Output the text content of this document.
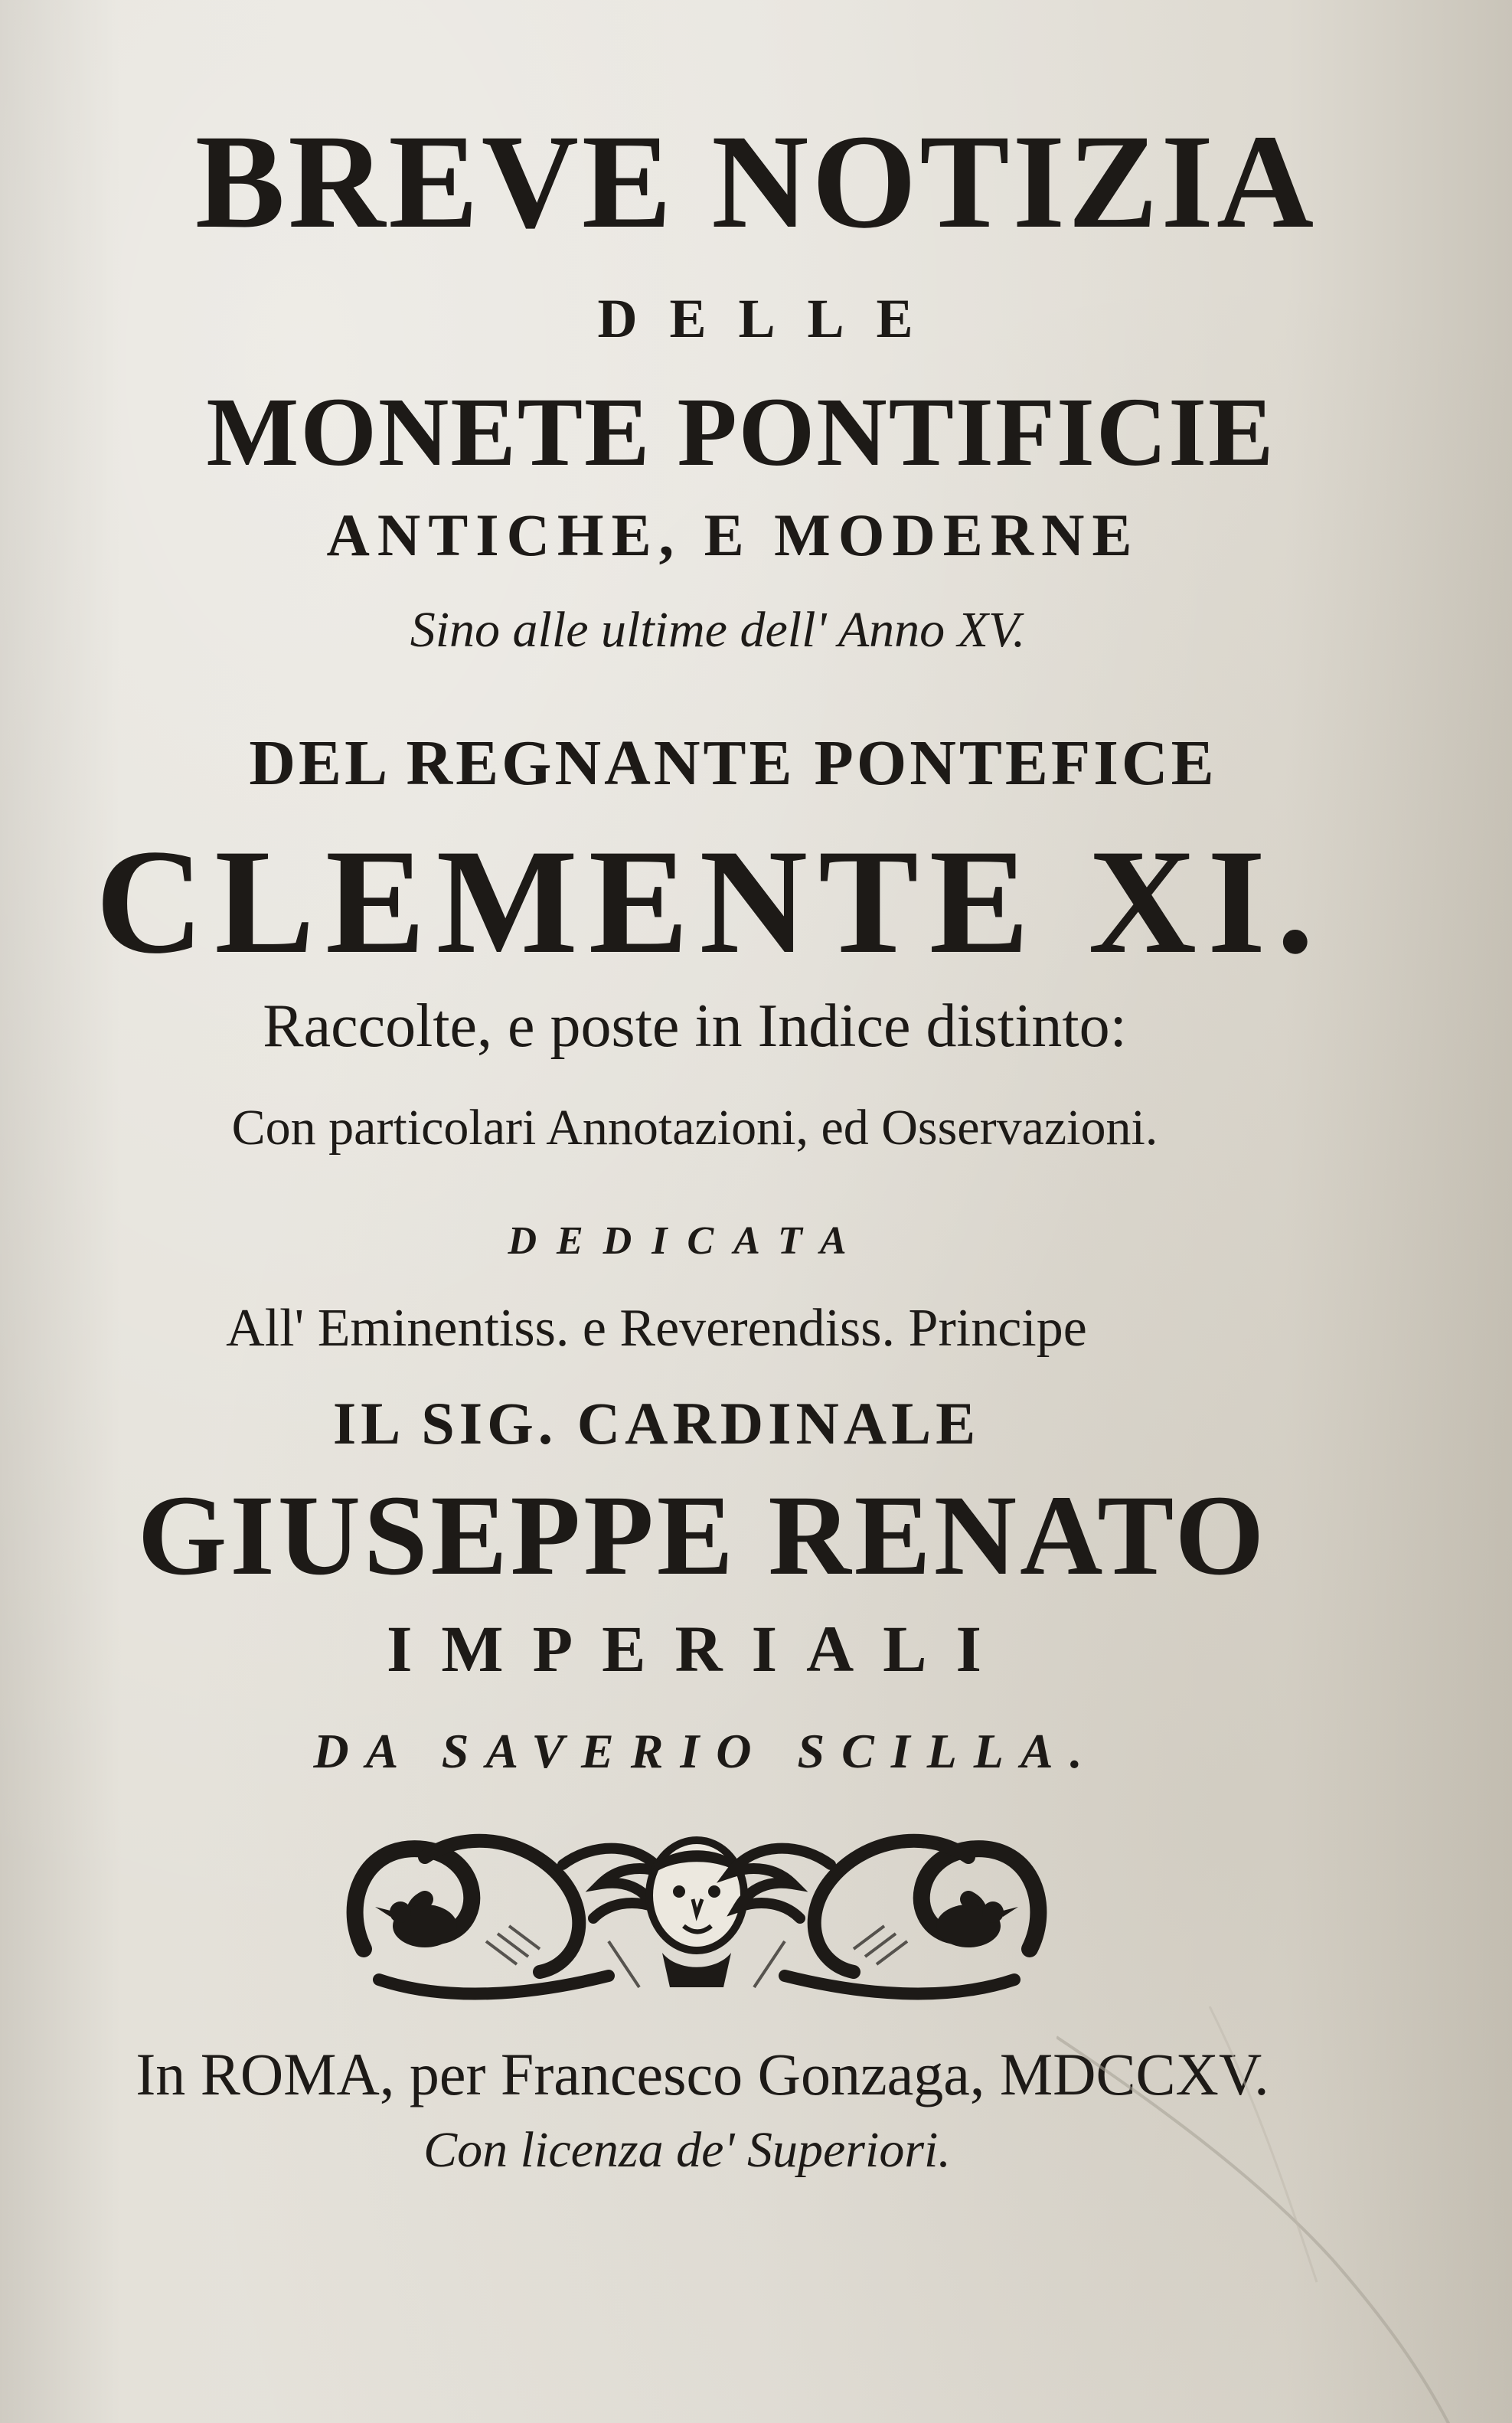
BREVE NOTIZIA
DELLE
MONETE PONTIFICIE
ANTICHE, E MODERNE
Sino alle ultime dell' Anno XV.
DEL REGNANTE PONTEFICE
CLEMENTE XI.
Raccolte, e poste in Indice distinto:
Con particolari Annotazioni, ed Osservazioni.
DEDICATA
All' Eminentiss. e Reverendiss. Principe
IL SIG. CARDINALE
GIUSEPPE RENATO
IMPERIALI
DA SAVERIO SCILLA.
In ROMA, per Francesco Gonzaga, MDCCXV.
Con licenza de' Superiori.
